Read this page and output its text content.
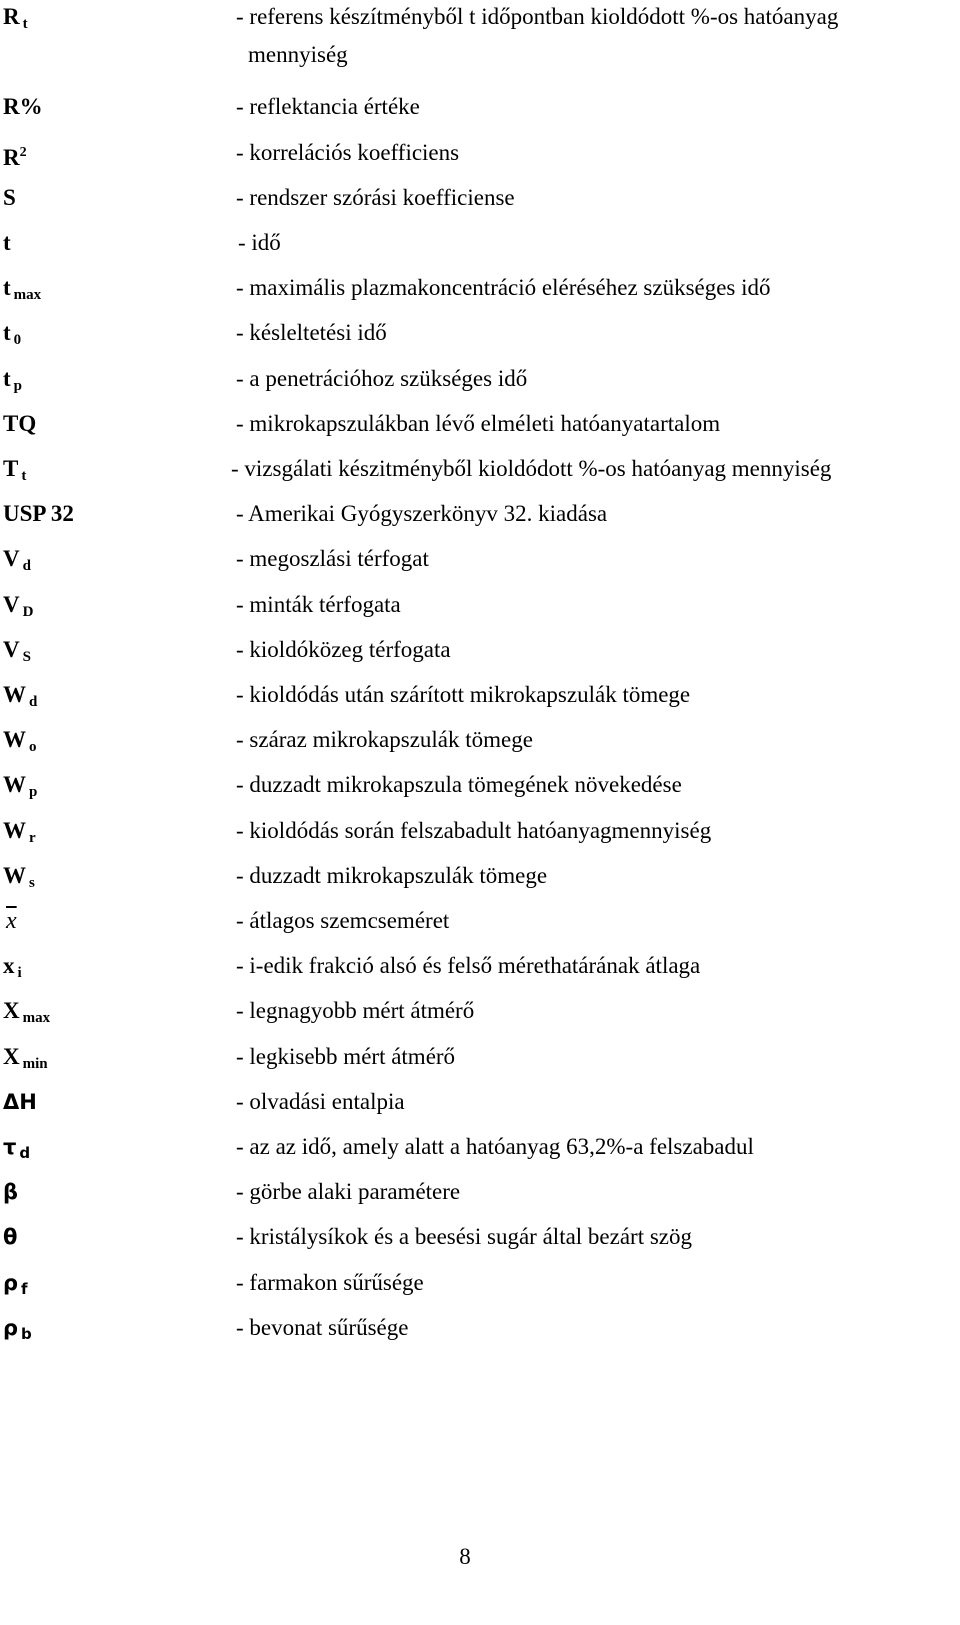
R $_t$	- referens készítményből t időpontban kioldódott %-os hatóanyag
mennyiség
R%	- reflektancia értéke
$R^2$	- korrelációs koefficiens
S	- rendszer szórási koefficiense
t	- idő
t $_{max}$	- maximális plazmakoncentráció eléréséhez szükséges idő
t $_0$	- késleltetési idő
t $_p$	- a penetrációhoz szükséges idő
TQ	- mikrokapszulákban lévő elméleti hatóanyatartalom
T $_t$	- vizsgálati készitményből kioldódott %-os hatóanyag mennyiség
USP 32	- Amerikai Gyógyszerkönyv 32. kiadása
V $_d$	- megoszlási térfogat
V $_D$	- minták térfogata
V $_S$	- kioldóközeg térfogata
W $_d$	- kioldódás után szárított mikrokapszulák tömege
W $_o$	- száraz mikrokapszulák tömege
W $_p$	- duzzadt mikrokapszula tömegének növekedése
W $_r$	- kioldódás során felszabadult hatóanyagmennyiség
W $_s$	- duzzadt mikrokapszulák tömege
$\overline{x}$	- átlagos szemcseméret
x $_i$	- i-edik frakció alsó és felső mérethatárának átlaga
X $_{max}$	- legnagyobb mért átmérő
X $_{min}$	- legkisebb mért átmérő
ΔH	- olvadási entalpia
τ $_d$	- az az idő, amely alatt a hatóanyag 63,2%-a felszabadul
β	- görbe alaki paramétere
θ	- kristálysíkok és a beesési sugár által bezárt szög
ρ $_f$	- farmakon sűrűsége
ρ $_b$	- bevonat sűrűsége
8
